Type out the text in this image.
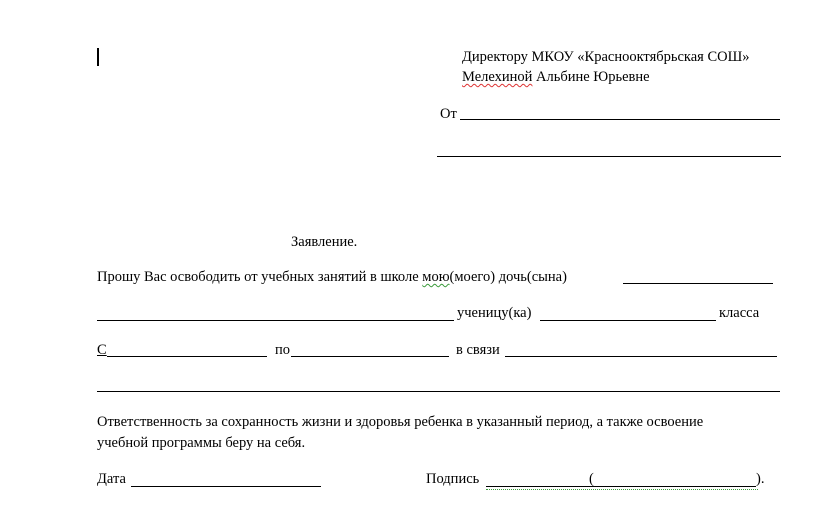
Директору МКОУ «Краснооктябрьская СОШ»
Мелехиной Альбине Юрьевне
От
Заявление.
Прошу Вас освободить от учебных занятий в школе мою(моего) дочь(сына)
ученицу(ка)	класса
С	по	в связи
Ответственность за сохранность жизни и здоровья ребенка в указанный период, а также освоение
учебной программы беру на себя.
Дата	Подпись	(	).
